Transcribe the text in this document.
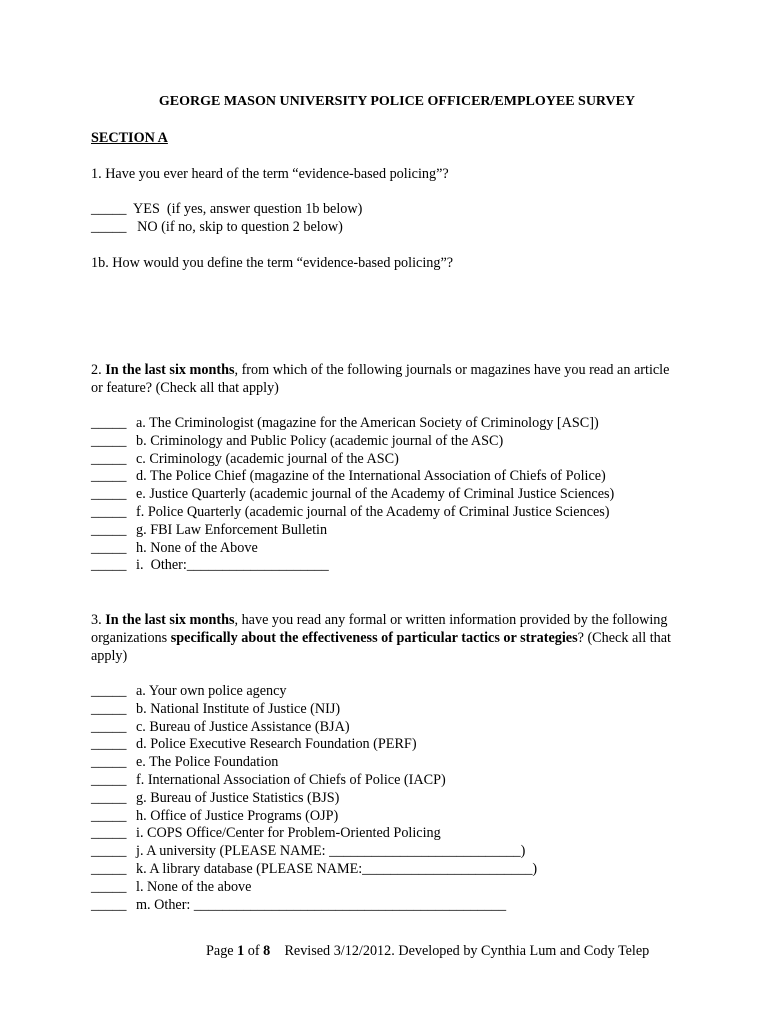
GEORGE MASON UNIVERSITY POLICE OFFICER/EMPLOYEE SURVEY
SECTION A
1. Have you ever heard of the term “evidence-based policing”?
_____  YES  (if yes, answer question 1b below)
_____   NO (if no, skip to question 2 below)
1b. How would you define the term “evidence-based policing”?
2. In the last six months, from which of the following journals or magazines have you read an article or feature? (Check all that apply)
_____ a. The Criminologist (magazine for the American Society of Criminology [ASC])
_____ b. Criminology and Public Policy (academic journal of the ASC)
_____ c. Criminology (academic journal of the ASC)
_____ d. The Police Chief (magazine of the International Association of Chiefs of Police)
_____ e. Justice Quarterly (academic journal of the Academy of Criminal Justice Sciences)
_____ f. Police Quarterly (academic journal of the Academy of Criminal Justice Sciences)
_____ g. FBI Law Enforcement Bulletin
_____ h. None of the Above
_____ i.  Other:____________________
3. In the last six months, have you read any formal or written information provided by the following organizations specifically about the effectiveness of particular tactics or strategies? (Check all that apply)
_____ a. Your own police agency
_____ b. National Institute of Justice (NIJ)
_____ c. Bureau of Justice Assistance (BJA)
_____ d. Police Executive Research Foundation (PERF)
_____ e. The Police Foundation
_____ f. International Association of Chiefs of Police (IACP)
_____ g. Bureau of Justice Statistics (BJS)
_____ h. Office of Justice Programs (OJP)
_____ i. COPS Office/Center for Problem-Oriented Policing
_____ j. A university (PLEASE NAME: ___________________________)
_____ k. A library database (PLEASE NAME:________________________)
_____ l. None of the above
_____ m. Other: ____________________________________________
Page 1 of 8    Revised 3/12/2012. Developed by Cynthia Lum and Cody Telep
